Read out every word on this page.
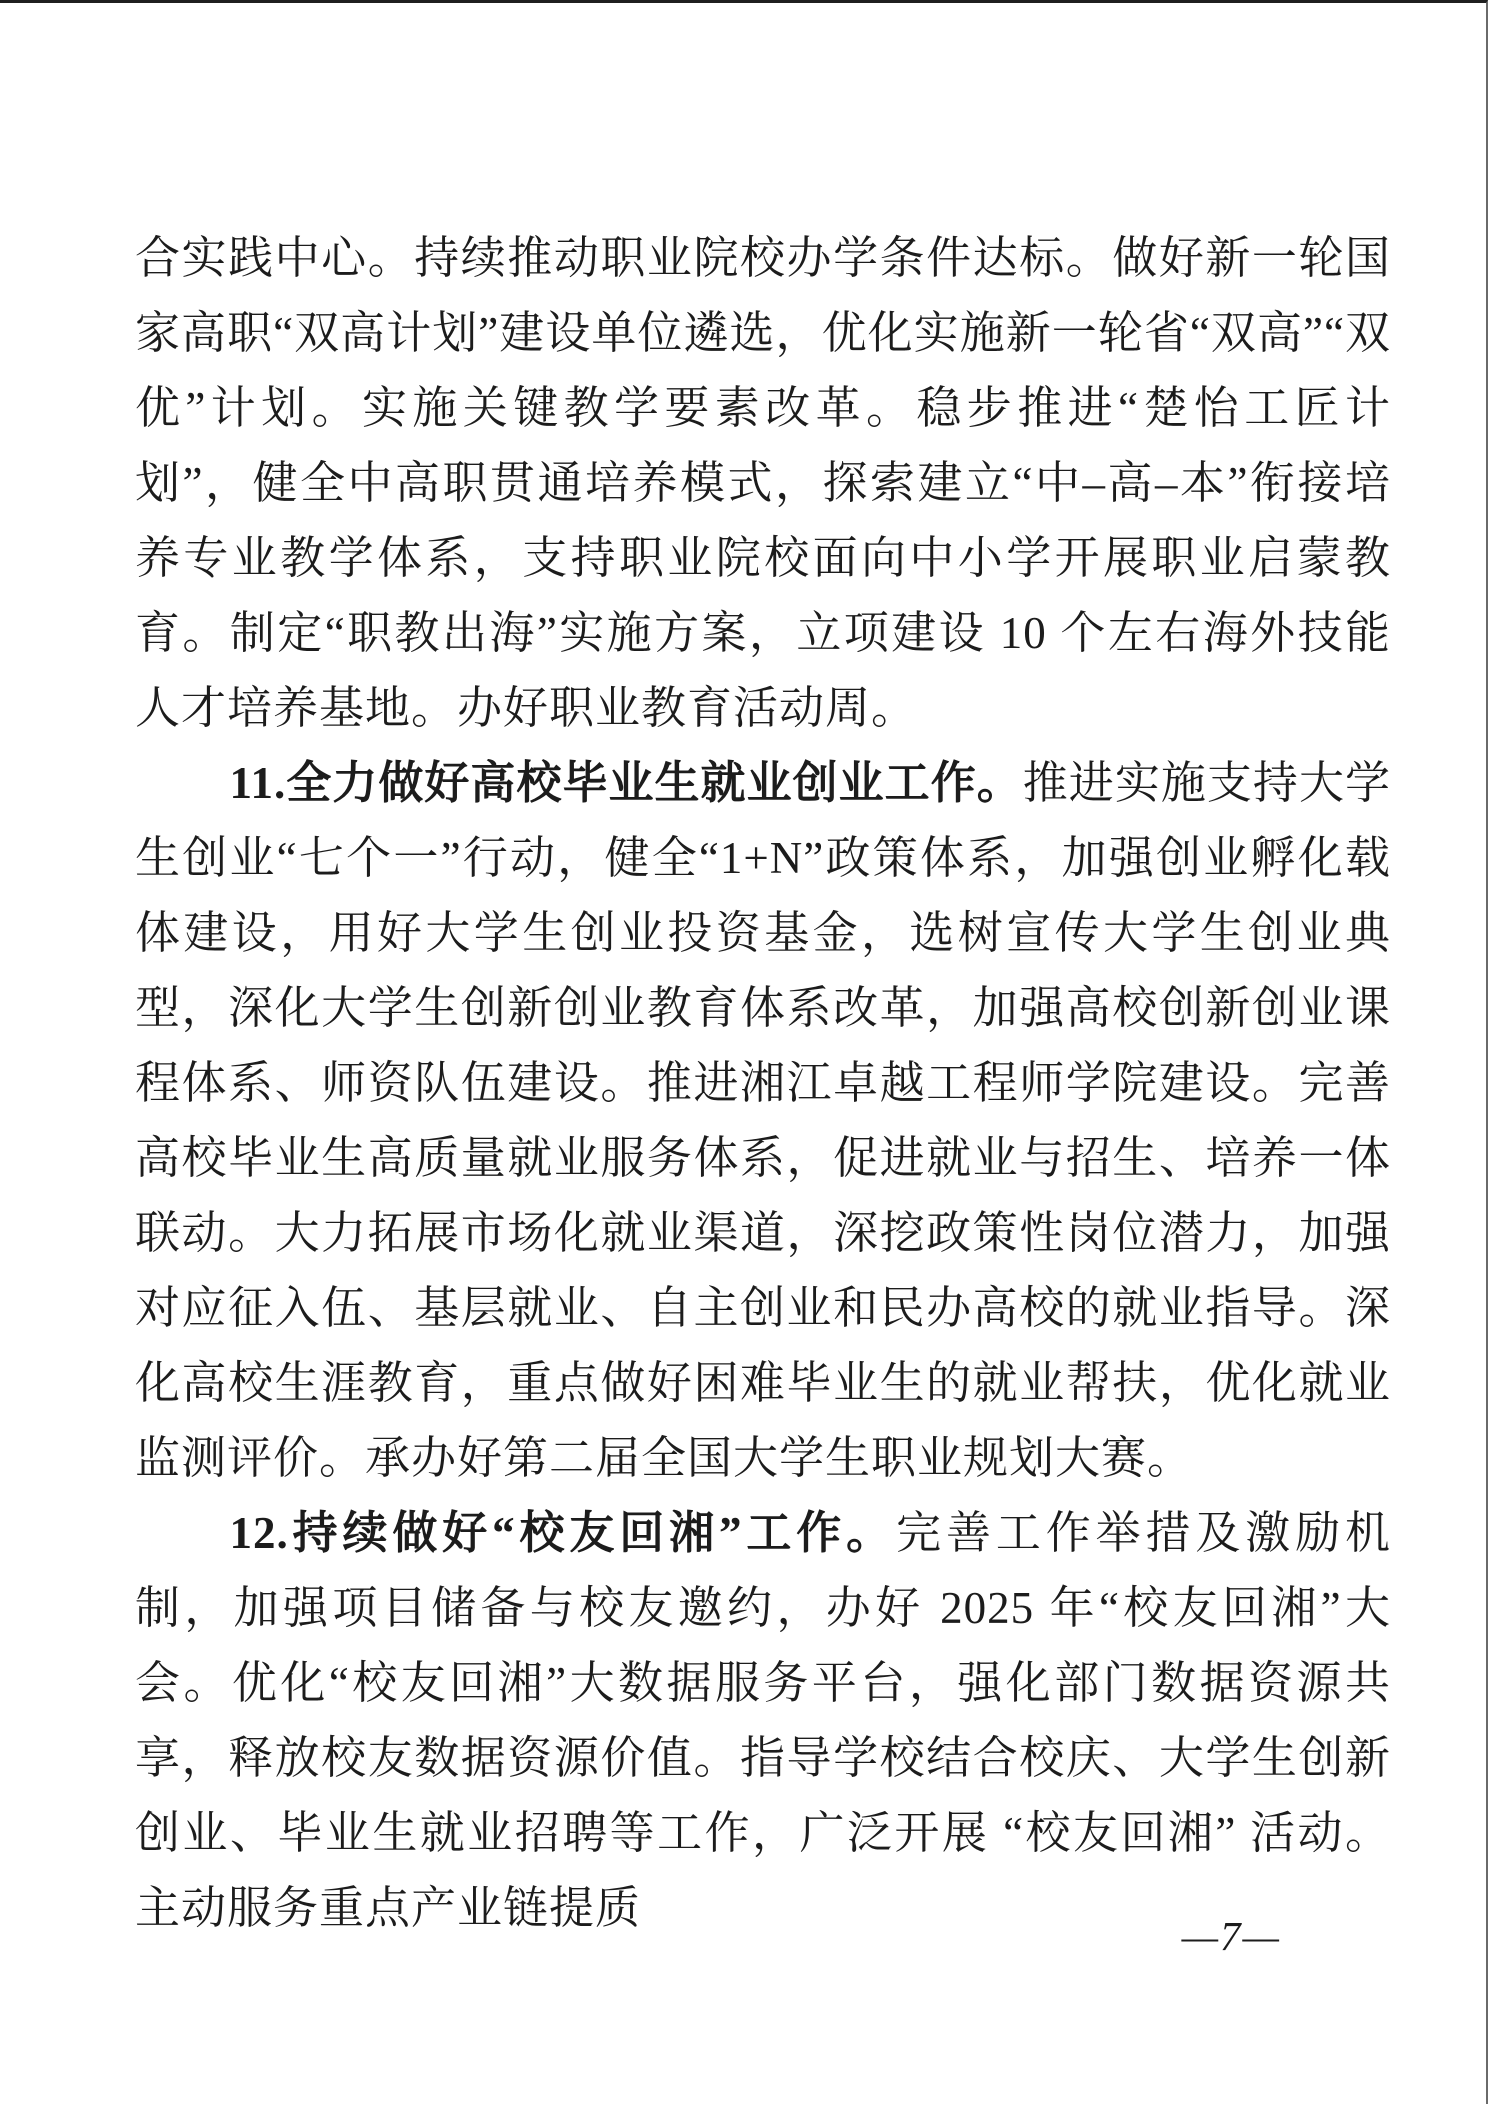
合实践中心。持续推动职业院校办学条件达标。做好新一轮国家高职“双高计划”建设单位遴选，优化实施新一轮省“双高”“双优”计划。实施关键教学要素改革。稳步推进“楚怡工匠计划”，健全中高职贯通培养模式，探索建立“中–高–本”衔接培养专业教学体系，支持职业院校面向中小学开展职业启蒙教育。制定“职教出海”实施方案，立项建设 10 个左右海外技能人才培养基地。办好职业教育活动周。

11.全力做好高校毕业生就业创业工作。推进实施支持大学生创业“七个一”行动，健全“1+N”政策体系，加强创业孵化载体建设，用好大学生创业投资基金，选树宣传大学生创业典型，深化大学生创新创业教育体系改革，加强高校创新创业课程体系、师资队伍建设。推进湘江卓越工程师学院建设。完善高校毕业生高质量就业服务体系，促进就业与招生、培养一体联动。大力拓展市场化就业渠道，深挖政策性岗位潜力，加强对应征入伍、基层就业、自主创业和民办高校的就业指导。深化高校生涯教育，重点做好困难毕业生的就业帮扶，优化就业监测评价。承办好第二届全国大学生职业规划大赛。

12.持续做好“校友回湘”工作。完善工作举措及激励机制，加强项目储备与校友邀约，办好 2025 年“校友回湘”大会。优化“校友回湘”大数据服务平台，强化部门数据资源共享，释放校友数据资源价值。指导学校结合校庆、大学生创新创业、毕业生就业招聘等工作，广泛开展 “校友回湘” 活动。主动服务重点产业链提质

—7—
